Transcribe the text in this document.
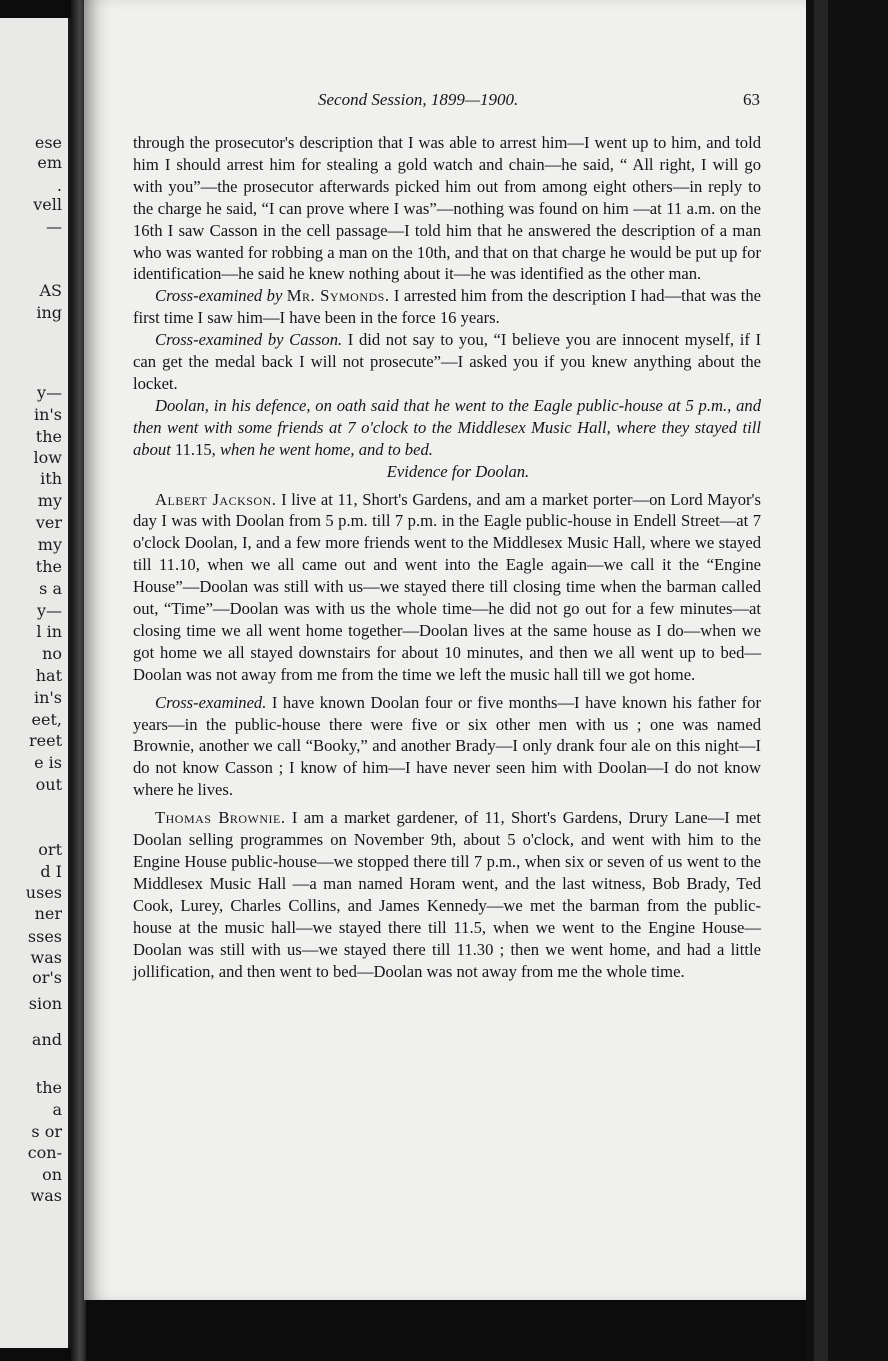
ese
em
.
vell
—
AS
ing
y—
in's
the
low
ith
my
ver
my
the
s a
y—
l in
no
hat
in's
eet,
reet
e is
out
ort
d I
uses
ner
sses
was
or's
sion
and
the
a
s or
con-
on
was
Second Session, 1899—1900.	63

through the prosecutor's description that I was able to arrest him—I went up to him, and told him I should arrest him for stealing a gold watch and chain—he said, “ All right, I will go with you”—the prosecutor afterwards picked him out from among eight others—in reply to the charge he said, “I can prove where I was”—nothing was found on him —at 11 a.m. on the 16th I saw Casson in the cell passage—I told him that he answered the description of a man who was wanted for robbing a man on the 10th, and that on that charge he would be put up for identification—he said he knew nothing about it—he was identified as the other man.

Cross-examined by Mr. Symonds. I arrested him from the description I had—that was the first time I saw him—I have been in the force 16 years.

Cross-examined by Casson. I did not say to you, “I believe you are innocent myself, if I can get the medal back I will not prosecute”—I asked you if you knew anything about the locket.

Doolan, in his defence, on oath said that he went to the Eagle public-house at 5 p.m., and then went with some friends at 7 o'clock to the Middlesex Music Hall, where they stayed till about 11.15, when he went home, and to bed.

Evidence for Doolan.

Albert Jackson. I live at 11, Short's Gardens, and am a market porter—on Lord Mayor's day I was with Doolan from 5 p.m. till 7 p.m. in the Eagle public-house in Endell Street—at 7 o'clock Doolan, I, and a few more friends went to the Middlesex Music Hall, where we stayed till 11.10, when we all came out and went into the Eagle again—we call it the “Engine House”—Doolan was still with us—we stayed there till closing time when the barman called out, “Time”—Doolan was with us the whole time—he did not go out for a few minutes—at closing time we all went home together—Doolan lives at the same house as I do—when we got home we all stayed downstairs for about 10 minutes, and then we all went up to bed—Doolan was not away from me from the time we left the music hall till we got home.

Cross-examined. I have known Doolan four or five months—I have known his father for years—in the public-house there were five or six other men with us ; one was named Brownie, another we call “Booky,” and another Brady—I only drank four ale on this night—I do not know Casson ; I know of him—I have never seen him with Doolan—I do not know where he lives.

Thomas Brownie. I am a market gardener, of 11, Short's Gardens, Drury Lane—I met Doolan selling programmes on November 9th, about 5 o'clock, and went with him to the Engine House public-house—we stopped there till 7 p.m., when six or seven of us went to the Middlesex Music Hall —a man named Horam went, and the last witness, Bob Brady, Ted Cook, Lurey, Charles Collins, and James Kennedy—we met the barman from the public-house at the music hall—we stayed there till 11.5, when we went to the Engine House—Doolan was still with us—we stayed there till 11.30 ; then we went home, and had a little jollification, and then went to bed—Doolan was not away from me the whole time.
